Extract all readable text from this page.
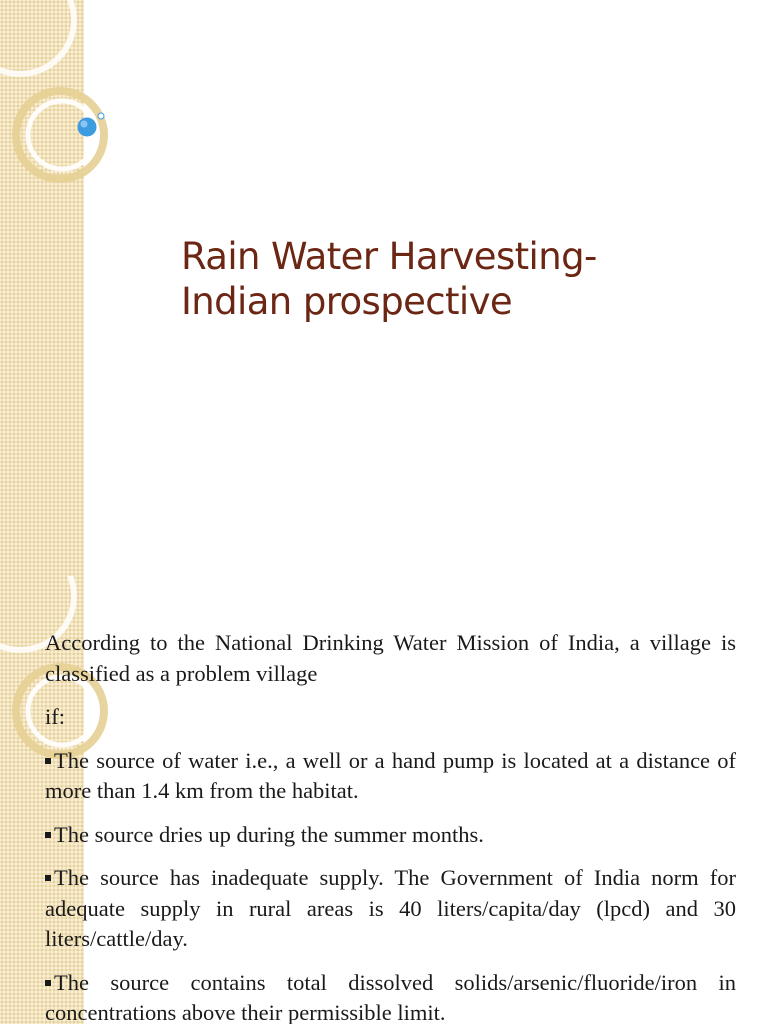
Rain Water Harvesting-
Indian prospective

According to the National Drinking Water Mission of India, a village is classified as a problem village

if:

The source of water i.e., a well or a hand pump is located at a distance of more than 1.4 km from the habitat.

The source dries up during the summer months.

The source has inadequate supply. The Government of India norm for adequate supply in rural areas is 40 liters/capita/day (lpcd) and 30 liters/cattle/day.

The source contains total dissolved solids/arsenic/fluoride/iron in concentrations above their permissible limit.
